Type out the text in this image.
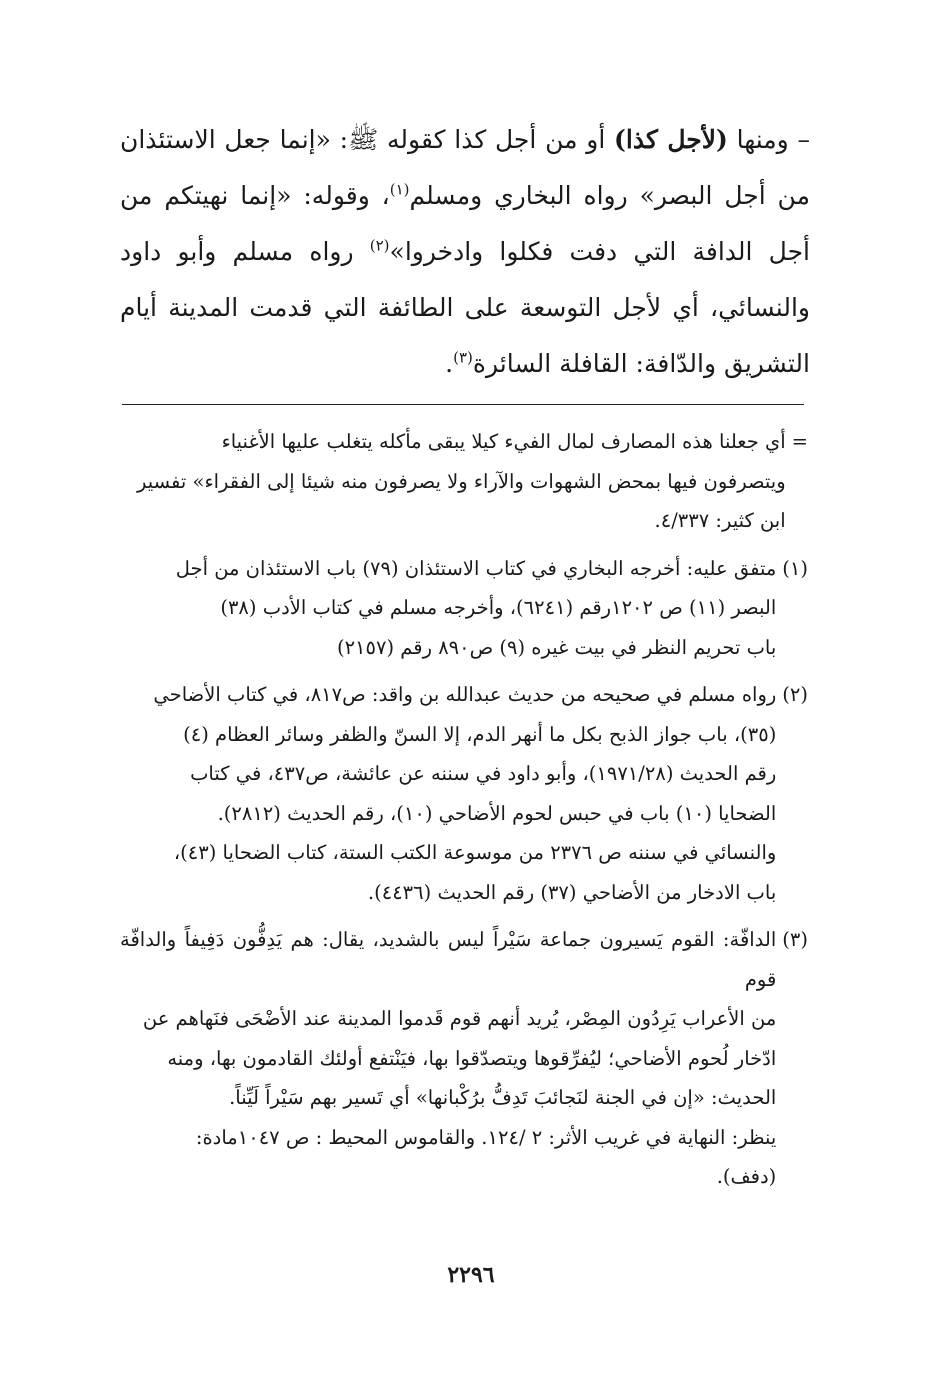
– ومنها (لأجل كذا) أو من أجل كذا كقوله ﷺ: «إنما جعل الاستئذان من أجل البصر» رواه البخاري ومسلم$^{(١)}$، وقوله: «إنما نهيتكم من أجل الدافة التي دفت فكلوا وادخروا»$^{(٢)}$ رواه مسلم وأبو داود والنسائي، أي لأجل التوسعة على الطائفة التي قدمت المدينة أيام التشريق والدّافة: القافلة السائرة$^{(٣)}$.

=
أي جعلنا هذه المصارف لمال الفيء كيلا يبقى مأكله يتغلب عليها الأغنياء
ويتصرفون فيها بمحض الشهوات والآراء ولا يصرفون منه شيئا إلى الفقراء» تفسير
ابن كثير: ٤/٣٣٧.
(١)
متفق عليه: أخرجه البخاري في كتاب الاستئذان (٧٩) باب الاستئذان من أجل
البصر (١١) ص ١٢٠٢رقم (٦٢٤١)، وأخرجه مسلم في كتاب الأدب (٣٨)
باب تحريم النظر في بيت غيره (٩) ص٨٩٠ رقم (٢١٥٧)
(٢)
رواه مسلم في صحيحه من حديث عبدالله بن واقد: ص٨١٧، في كتاب الأضاحي
(٣٥)، باب جواز الذبح بكل ما أنهر الدم، إلا السنّ والظفر وسائر العظام (٤)
رقم الحديث (١٩٧١/٢٨)، وأبو داود في سننه عن عائشة، ص٤٣٧، في كتاب
الضحايا (١٠) باب في حبس لحوم الأضاحي (١٠)، رقم الحديث (٢٨١٢).
والنسائي في سننه ص ٢٣٧٦ من موسوعة الكتب الستة، كتاب الضحايا (٤٣)،
باب الادخار من الأضاحي (٣٧) رقم الحديث (٤٤٣٦).
(٣)
الدافّة: القوم يَسيرون جماعة سَيْراً ليس بالشديد، يقال: هم يَدِفُّون دَفِيفاً والدافّة قوم
من الأعراب يَرِدُون المِصْر، يُريد أنهم قوم قَدموا المدينة عند الأضْحَى فنَهاهم عن
ادّخار لُحوم الأضاحي؛ ليُفرِّقوها ويتصدّقوا بها، فيَنْتفع أولئك القادمون بها، ومنه
الحديث: «إن في الجنة لنَجائبَ تَدِفُّ برُكْبانها» أي تَسير بهم سَيْراً لَيِّناً.
ينظر: النهاية في غريب الأثر: ٢ /١٢٤. والقاموس المحيط : ص ١٠٤٧مادة:
(دفف).
٢٢٩٦
